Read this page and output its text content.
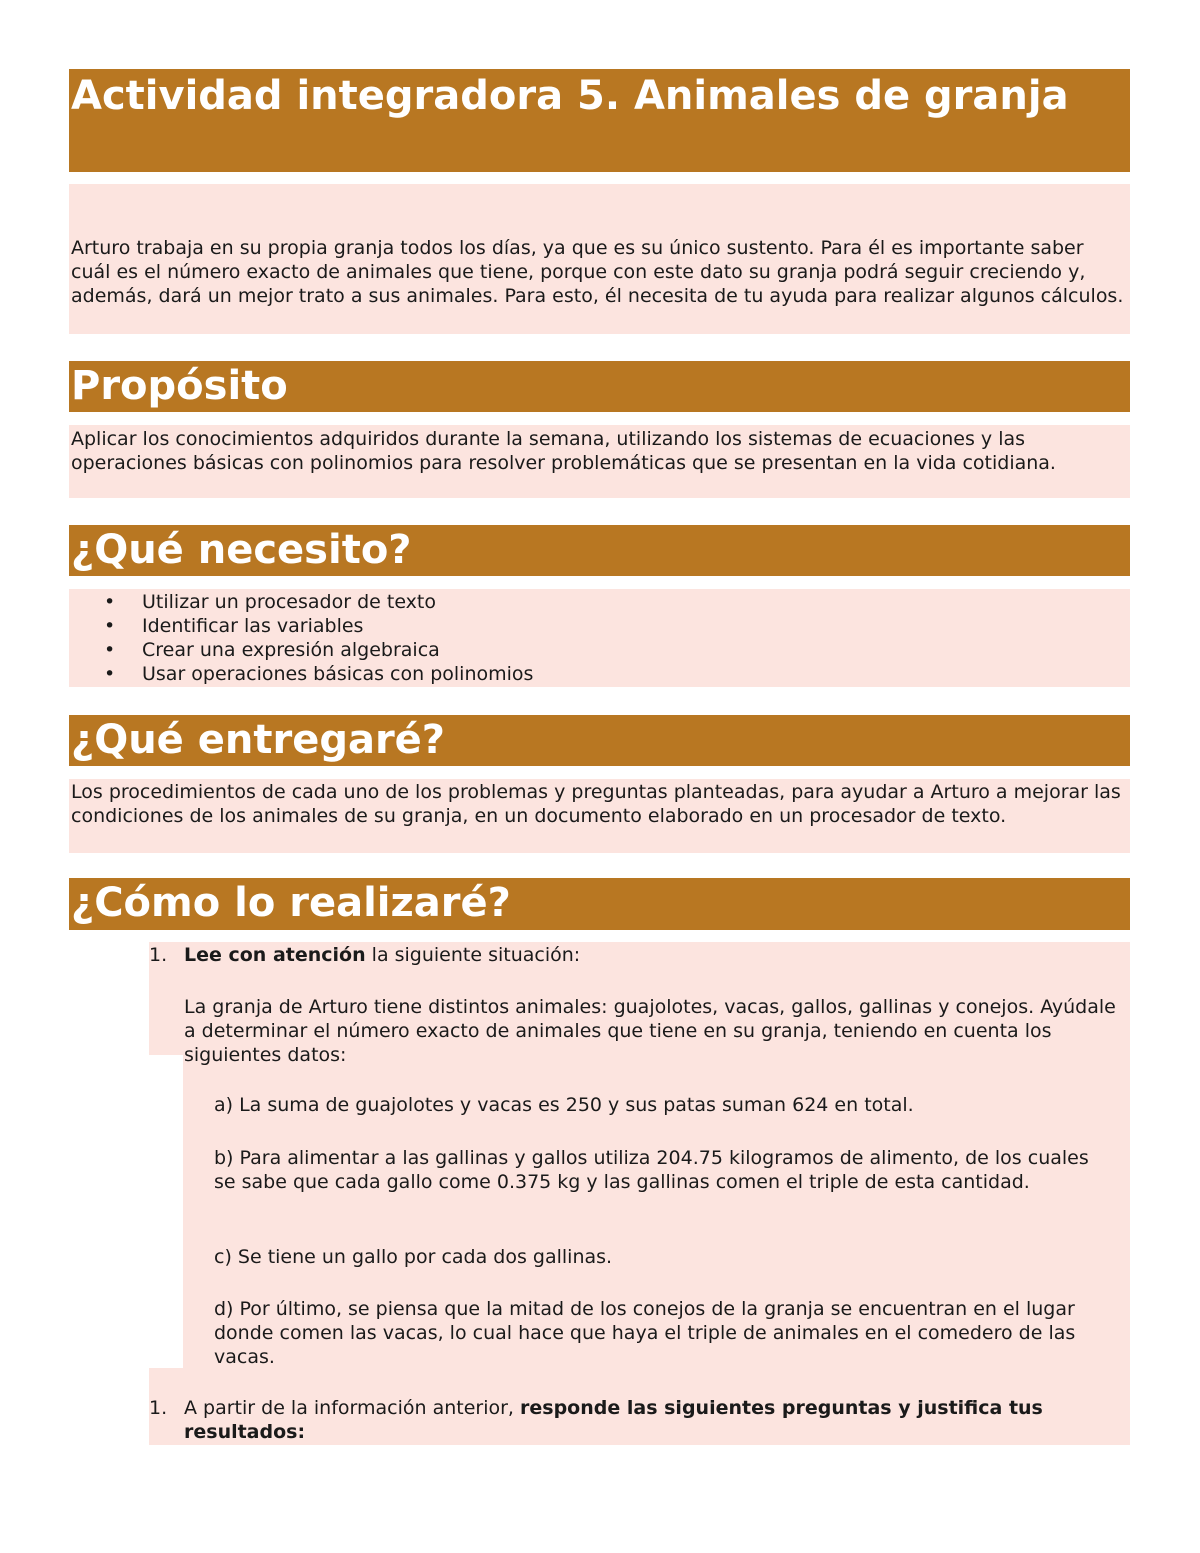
Actividad integradora 5. Animales de granja

Arturo trabaja en su propia granja todos los días, ya que es su único sustento. Para él es importante saber cuál es el número exacto de animales que tiene, porque con este dato su granja podrá seguir creciendo y, además, dará un mejor trato a sus animales. Para esto, él necesita de tu ayuda para realizar algunos cálculos.

Propósito

Aplicar los conocimientos adquiridos durante la semana, utilizando los sistemas de ecuaciones y las operaciones básicas con polinomios para resolver problemáticas que se presentan en la vida cotidiana.

¿Qué necesito?
• Utilizar un procesador de texto
• Identificar las variables
• Crear una expresión algebraica
• Usar operaciones básicas con polinomios
¿Qué entregaré?

Los procedimientos de cada uno de los problemas y preguntas planteadas, para ayudar a Arturo a mejorar las condiciones de los animales de su granja, en un documento elaborado en un procesador de texto.

¿Cómo lo realizaré?
1. Lee con atención la siguiente situación:
La granja de Arturo tiene distintos animales: guajolotes, vacas, gallos, gallinas y conejos. Ayúdale a determinar el número exacto de animales que tiene en su granja, teniendo en cuenta los siguientes datos:
a) La suma de guajolotes y vacas es 250 y sus patas suman 624 en total.
b) Para alimentar a las gallinas y gallos utiliza 204.75 kilogramos de alimento, de los cuales se sabe que cada gallo come 0.375 kg y las gallinas comen el triple de esta cantidad.
c) Se tiene un gallo por cada dos gallinas.
d) Por último, se piensa que la mitad de los conejos de la granja se encuentran en el lugar donde comen las vacas, lo cual hace que haya el triple de animales en el comedero de las vacas.
1. A partir de la información anterior, responde las siguientes preguntas y justifica tus resultados:
